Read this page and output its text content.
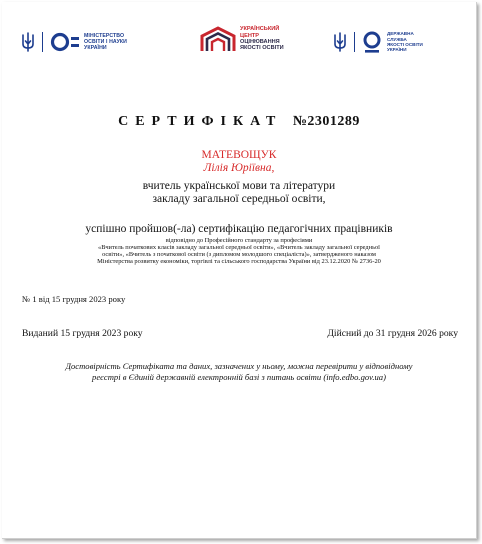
МІНІСТЕРСТВО
ОСВІТИ І НАУКИ
УКРАЇНИ
УКРАЇНСЬКИЙ
ЦЕНТР
ОЦІНЮВАННЯ
ЯКОСТІ ОСВІТИ
ДЕРЖАВНА
СЛУЖБА
ЯКОСТІ ОСВІТИ
УКРАЇНИ
СЕРТИФІКАТ №2301289
МАТЕВОЩУК
Лілія Юріївна,
вчитель української мови та літератури
закладу загальної середньої освіти,
успішно пройшов(-ла) сертифікацію педагогічних працівників
відповідно до Професійного стандарту за професіями
«Вчитель початкових класів закладу загальної середньої освіти», «Вчитель закладу загальної середньої
освіти», «Вчитель з початкової освіти (з дипломом молодшого спеціаліста)», затвердженого наказом
Міністерства розвитку економіки, торгівлі та сільського господарства України від 23.12.2020 № 2736-20
№ 1 від 15 грудня 2023 року
Виданий 15 грудня 2023 року	Дійсний до 31 грудня 2026 року
Достовірність Сертифіката та даних, зазначених у ньому, можна перевірити у відповідному
реєстрі в Єдиній державній електронній базі з питань освіти (info.edbo.gov.ua)
